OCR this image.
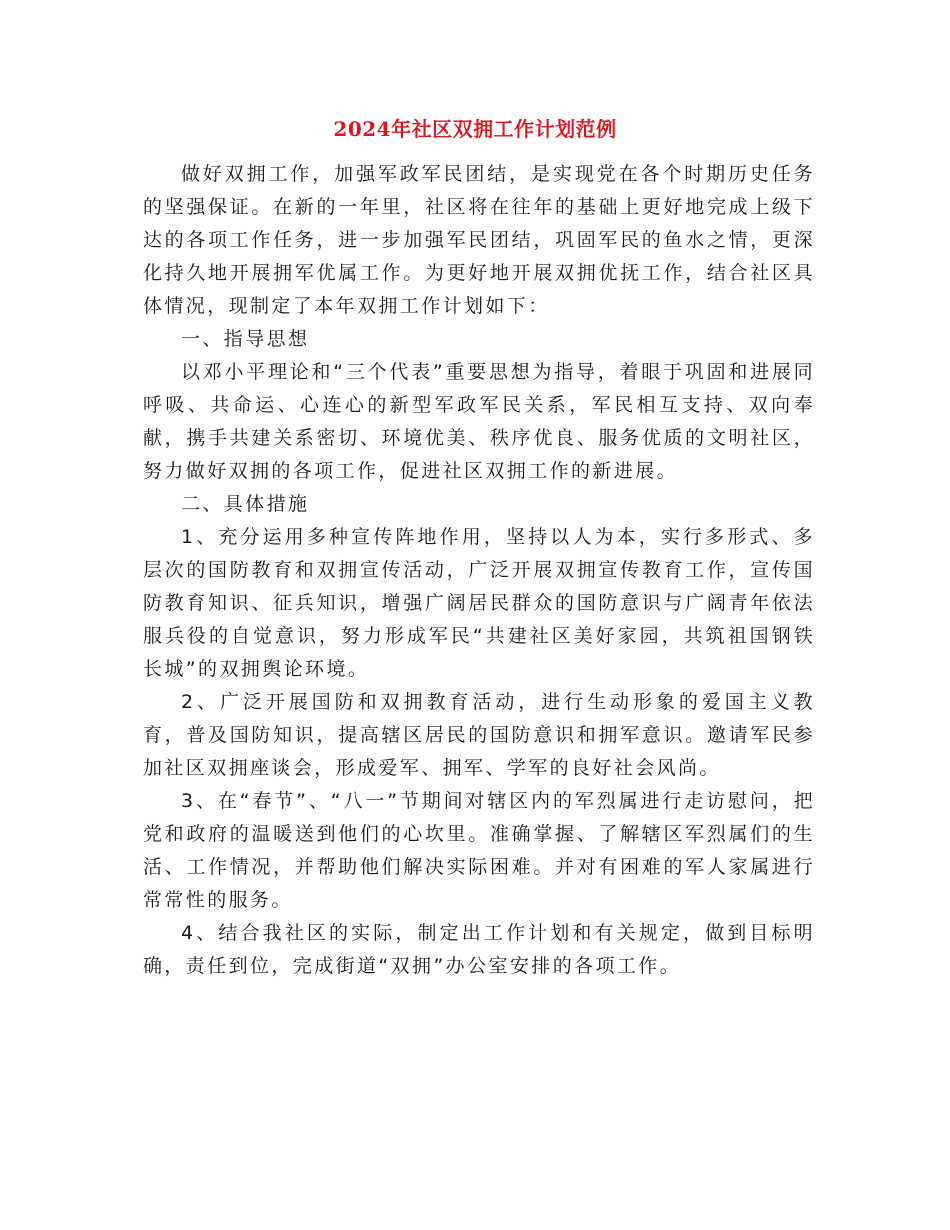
2024年社区双拥工作计划范例

做好双拥工作，加强军政军民团结，是实现党在各个时期历史任务的坚强保证。在新的一年里，社区将在往年的基础上更好地完成上级下达的各项工作任务，进一步加强军民团结，巩固军民的鱼水之情，更深化持久地开展拥军优属工作。为更好地开展双拥优抚工作，结合社区具体情况，现制定了本年双拥工作计划如下：

一、指导思想

以邓小平理论和“三个代表”重要思想为指导，着眼于巩固和进展同呼吸、共命运、心连心的新型军政军民关系，军民相互支持、双向奉献，携手共建关系密切、环境优美、秩序优良、服务优质的文明社区，努力做好双拥的各项工作，促进社区双拥工作的新进展。

二、具体措施

1、充分运用多种宣传阵地作用，坚持以人为本，实行多形式、多层次的国防教育和双拥宣传活动，广泛开展双拥宣传教育工作，宣传国防教育知识、征兵知识，增强广阔居民群众的国防意识与广阔青年依法服兵役的自觉意识，努力形成军民“共建社区美好家园，共筑祖国钢铁长城”的双拥舆论环境。

2、广泛开展国防和双拥教育活动，进行生动形象的爱国主义教育，普及国防知识，提高辖区居民的国防意识和拥军意识。邀请军民参加社区双拥座谈会，形成爱军、拥军、学军的良好社会风尚。

3、在“春节”、“八一”节期间对辖区内的军烈属进行走访慰问，把党和政府的温暖送到他们的心坎里。准确掌握、了解辖区军烈属们的生活、工作情况，并帮助他们解决实际困难。并对有困难的军人家属进行常常性的服务。

4、结合我社区的实际，制定出工作计划和有关规定，做到目标明确，责任到位，完成街道“双拥”办公室安排的各项工作。
